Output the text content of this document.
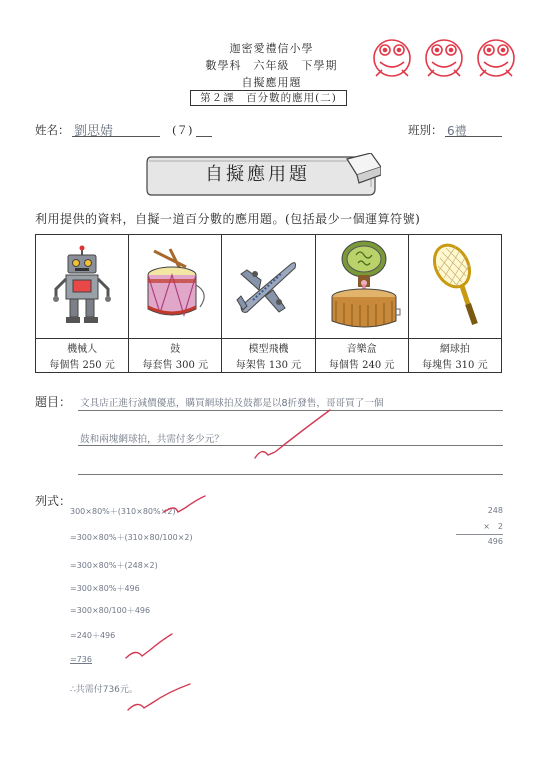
迦密愛禮信小學
數學科　六年級　下學期
自擬應用題
第２課　百分數的應用(二)
姓名： 劉思婧	(７)	班別： 6禮
自擬應用題
利用提供的資料，自擬一道百分數的應用題。(包括最少一個運算符號)

機械人	鼓	模型飛機	音樂盒	網球拍
每個售 250 元	每套售 300 元	每架售 130 元	每個售 240 元	每塊售 310 元
題目： 文具店正進行減價優惠，購買網球拍及鼓都是以8折發售，哥哥買了一個
鼓和兩塊網球拍，共需付多少元？
列式：
300×80%＋(310×80%×2)
=300×80%＋(310×80/100×2)
=300×80%＋(248×2)
=300×80%＋496
=300×80/100＋496
=240＋496
=736
∴共需付736元。
248
×　2
496
